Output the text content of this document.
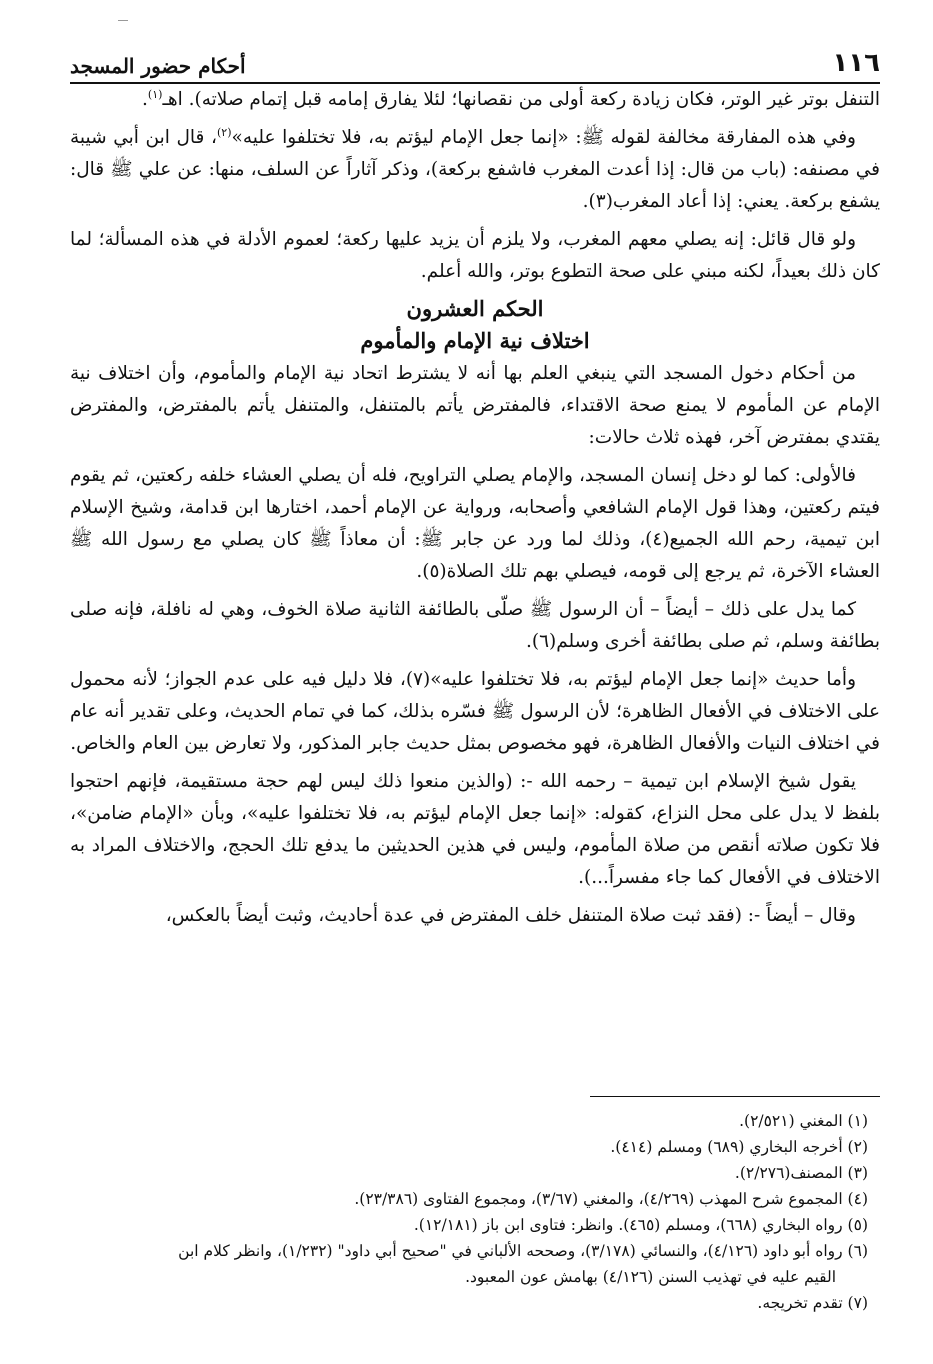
١١٦
أحكام حضور المسجد

التنفل بوتر غير الوتر، فكان زيادة ركعة أولى من نقصانها؛ لئلا يفارق إمامه قبل إتمام صلاته). اهـ$^{(١)}$.

وفي هذه المفارقة مخالفة لقوله ﷺ: «إنما جعل الإمام ليؤتم به، فلا تختلفوا عليه»$^{(٢)}$، قال ابن أبي شيبة في مصنفه: (باب من قال: إذا أعدت المغرب فاشفع بركعة)، وذكر آثاراً عن السلف، منها: عن علي ﷺ قال: يشفع بركعة. يعني: إذا أعاد المغرب(٣).

ولو قال قائل: إنه يصلي معهم المغرب، ولا يلزم أن يزيد عليها ركعة؛ لعموم الأدلة في هذه المسألة؛ لما كان ذلك بعيداً، لكنه مبني على صحة التطوع بوتر، والله أعلم.

الحكم العشرون
اختلاف نية الإمام والمأموم

من أحكام دخول المسجد التي ينبغي العلم بها أنه لا يشترط اتحاد نية الإمام والمأموم، وأن اختلاف نية الإمام عن المأموم لا يمنع صحة الاقتداء، فالمفترض يأتم بالمتنفل، والمتنفل يأتم بالمفترض، والمفترض يقتدي بمفترض آخر، فهذه ثلاث حالات:

فالأولى: كما لو دخل إنسان المسجد، والإمام يصلي التراويح، فله أن يصلي العشاء خلفه ركعتين، ثم يقوم فيتم ركعتين، وهذا قول الإمام الشافعي وأصحابه، ورواية عن الإمام أحمد، اختارها ابن قدامة، وشيخ الإسلام ابن تيمية، رحم الله الجميع(٤)، وذلك لما ورد عن جابر ﷺ: أن معاذاً ﷺ كان يصلي مع رسول الله ﷺ العشاء الآخرة، ثم يرجع إلى قومه، فيصلي بهم تلك الصلاة(٥).

كما يدل على ذلك – أيضاً – أن الرسول ﷺ صلّى بالطائفة الثانية صلاة الخوف، وهي له نافلة، فإنه صلى بطائفة وسلم، ثم صلى بطائفة أخرى وسلم(٦).

وأما حديث «إنما جعل الإمام ليؤتم به، فلا تختلفوا عليه»(٧)، فلا دليل فيه على عدم الجواز؛ لأنه محمول على الاختلاف في الأفعال الظاهرة؛ لأن الرسول ﷺ فسّره بذلك، كما في تمام الحديث، وعلى تقدير أنه عام في اختلاف النيات والأفعال الظاهرة، فهو مخصوص بمثل حديث جابر المذكور، ولا تعارض بين العام والخاص.

يقول شيخ الإسلام ابن تيمية – رحمه الله -: (والذين منعوا ذلك ليس لهم حجة مستقيمة، فإنهم احتجوا بلفظ لا يدل على محل النزاع، كقوله: «إنما جعل الإمام ليؤتم به، فلا تختلفوا عليه»، وبأن «الإمام ضامن»، فلا تكون صلاته أنقص من صلاة المأموم، وليس في هذين الحديثين ما يدفع تلك الحجج، والاختلاف المراد به الاختلاف في الأفعال كما جاء مفسراً...).

وقال – أيضاً -: (فقد ثبت صلاة المتنفل خلف المفترض في عدة أحاديث، وثبت أيضاً بالعكس،

(١) المغني (٢/٥٢١).

(٢) أخرجه البخاري (٦٨٩) ومسلم (٤١٤).

(٣) المصنف(٢/٢٧٦).

(٤) المجموع شرح المهذب (٤/٢٦٩)، والمغني (٣/٦٧)، ومجموع الفتاوى (٢٣/٣٨٦).

(٥) رواه البخاري (٦٦٨)، ومسلم (٤٦٥). وانظر: فتاوى ابن باز (١٢/١٨١).

(٦) رواه أبو داود (٤/١٢٦)، والنسائي (٣/١٧٨)، وصححه الألباني في "صحيح أبي داود" (١/٢٣٢)، وانظر كلام ابن

القيم عليه في تهذيب السنن (٤/١٢٦) بهامش عون المعبود.

(٧) تقدم تخريجه.
